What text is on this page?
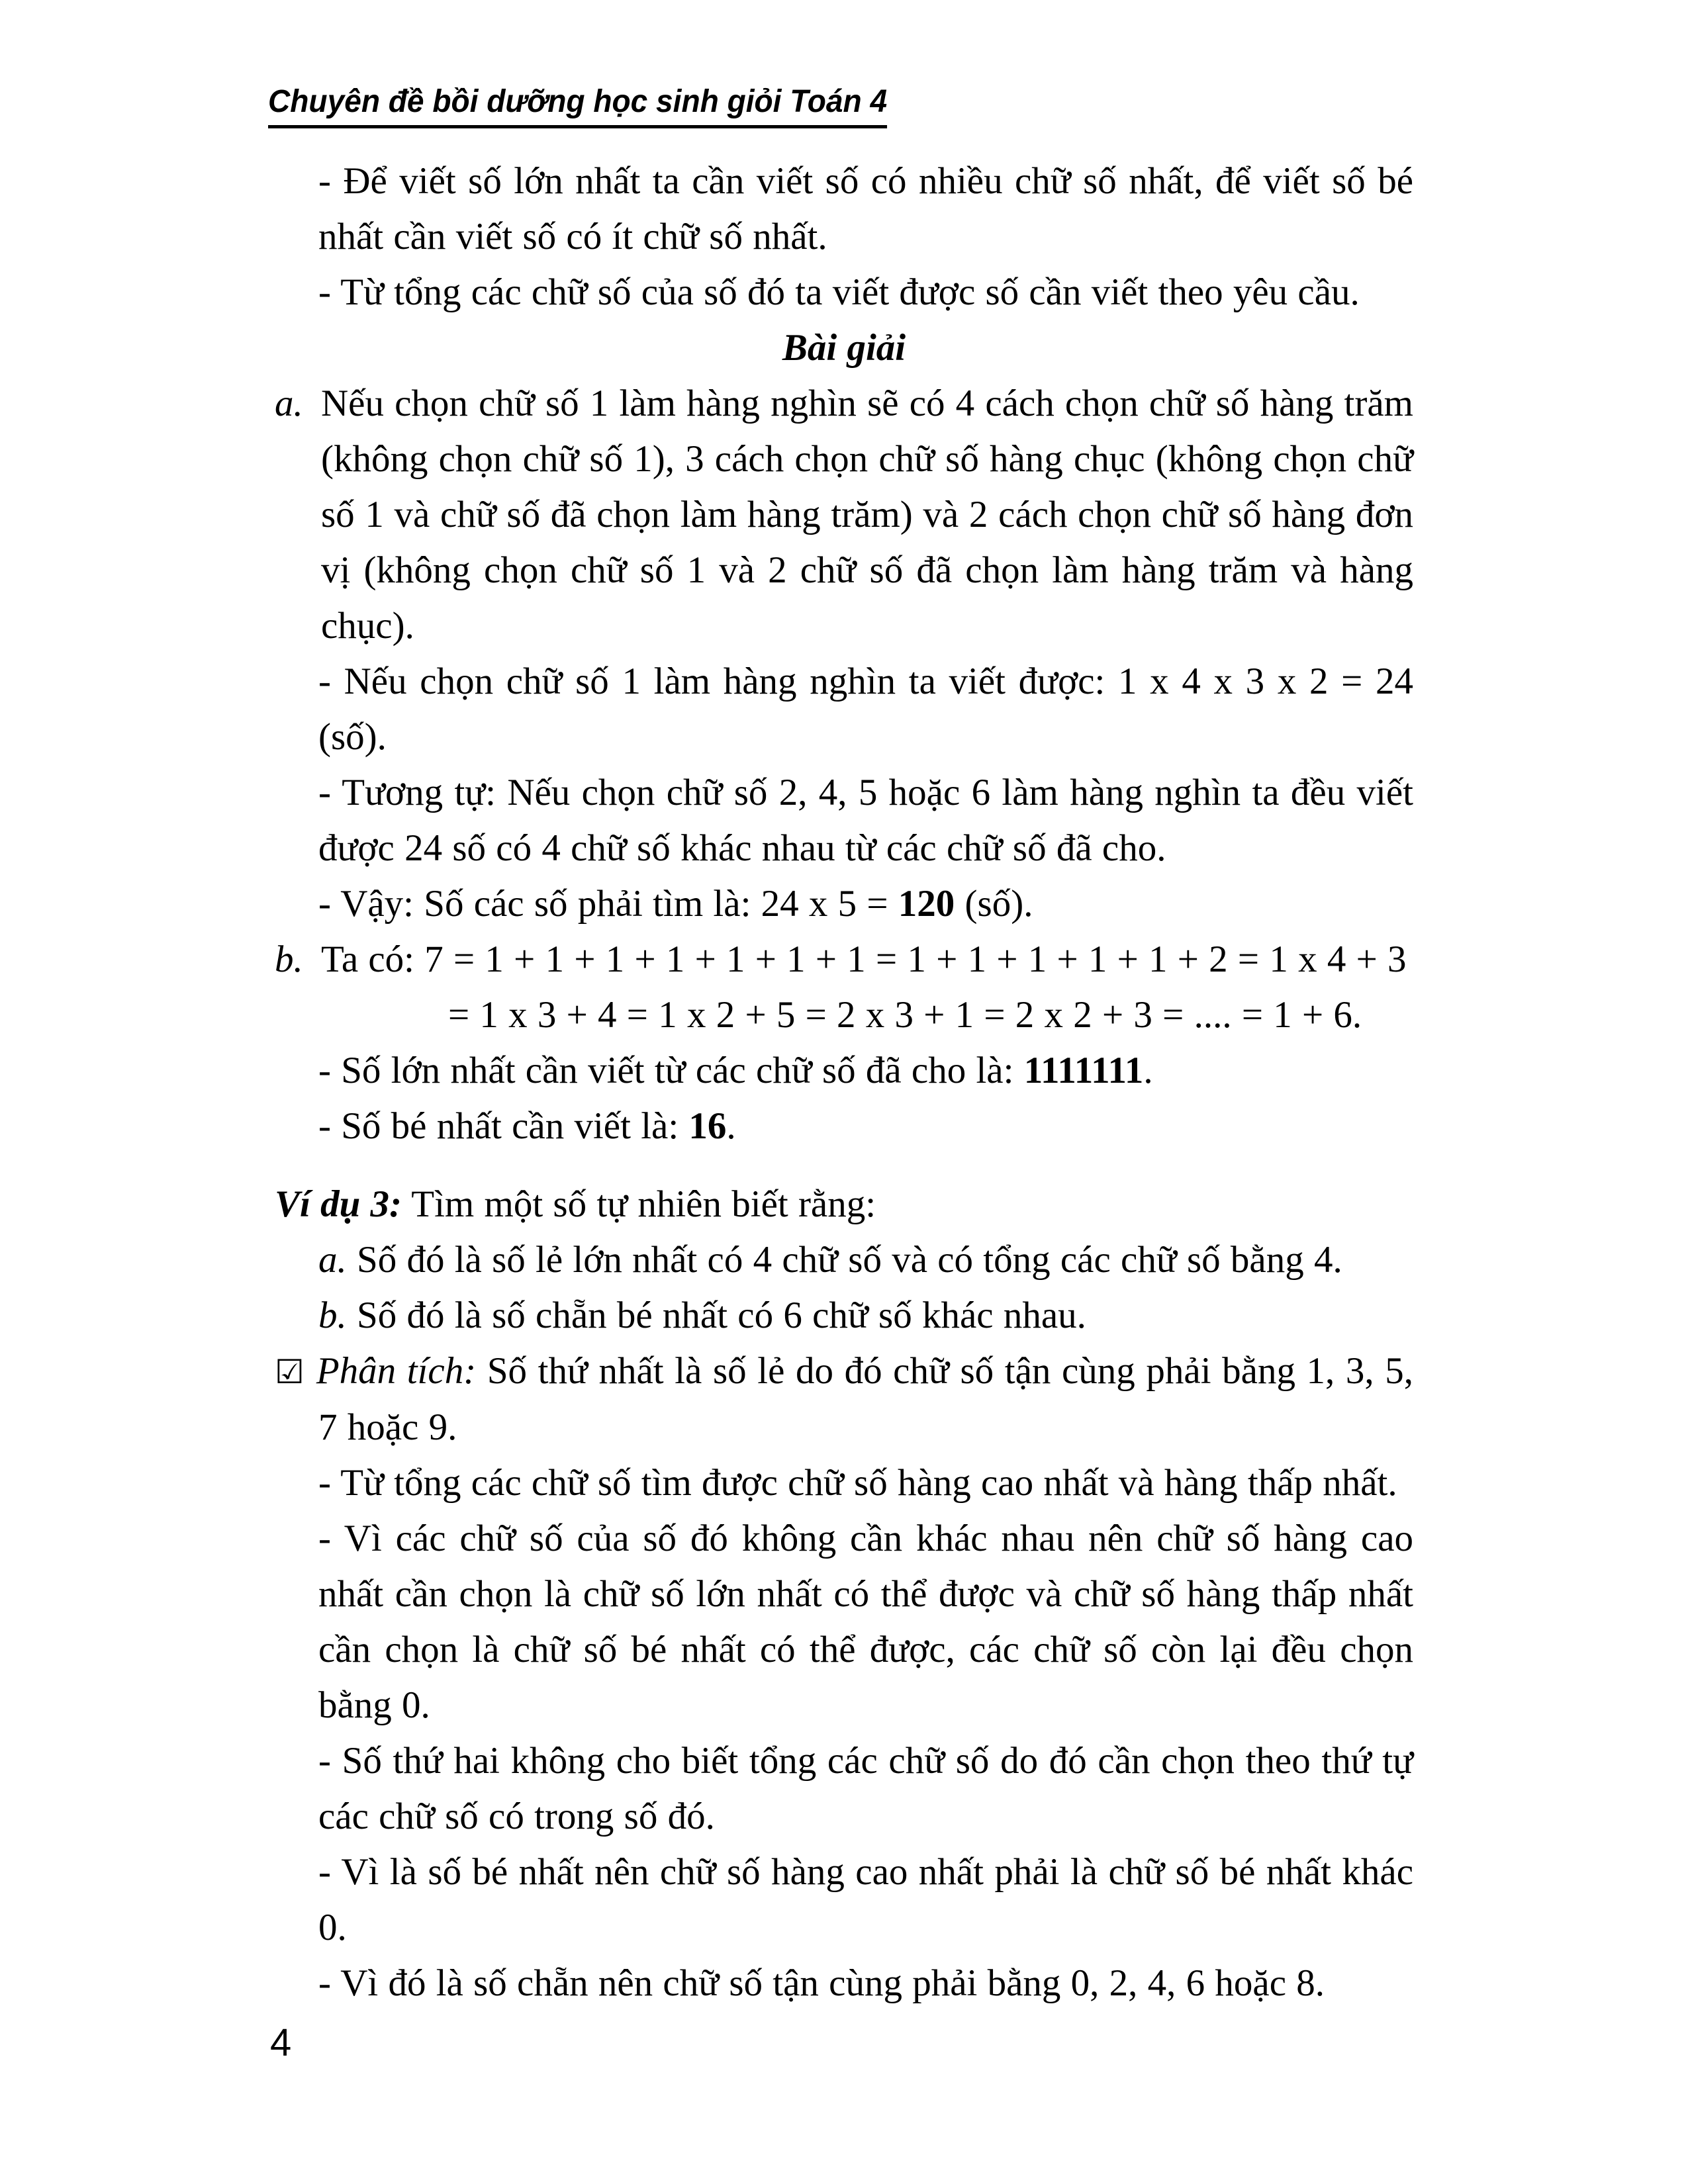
Chuyên đề bồi dưỡng học sinh giỏi Toán 4
- Để viết số lớn nhất ta cần viết số có nhiều chữ số nhất, để viết số bé nhất cần viết số có ít chữ số nhất.
- Từ tổng các chữ số của số đó ta viết được số cần viết theo yêu cầu.
Bài giải
a. Nếu chọn chữ số 1 làm hàng nghìn sẽ có 4 cách chọn chữ số hàng trăm (không chọn chữ số 1), 3 cách chọn chữ số hàng chục (không chọn chữ số 1 và chữ số đã chọn làm hàng trăm) và 2 cách chọn chữ số hàng đơn vị (không chọn chữ số 1 và 2 chữ số đã chọn làm hàng trăm và hàng chục).
- Nếu chọn chữ số 1 làm hàng nghìn ta viết được: 1 x 4 x 3 x 2 = 24 (số).
- Tương tự: Nếu chọn chữ số 2, 4, 5 hoặc 6 làm hàng nghìn ta đều viết được 24 số có 4 chữ số khác nhau từ các chữ số đã cho.
- Vậy: Số các số phải tìm là: 24 x 5 = 120 (số).
b. Ta có: 7 = 1 + 1 + 1 + 1 + 1 + 1 + 1 = 1 + 1 + 1 + 1 + 1 + 2 = 1 x 4 + 3
= 1 x 3 + 4 = 1 x 2 + 5 = 2 x 3 + 1 = 2 x 2 + 3 = .... = 1 + 6.
- Số lớn nhất cần viết từ các chữ số đã cho là: 1111111.
- Số bé nhất cần viết là: 16.
Ví dụ 3: Tìm một số tự nhiên biết rằng:
a. Số đó là số lẻ lớn nhất có 4 chữ số và có tổng các chữ số bằng 4.
b. Số đó là số chẵn bé nhất có 6 chữ số khác nhau.
☑ Phân tích: Số thứ nhất là số lẻ do đó chữ số tận cùng phải bằng 1, 3, 5, 7 hoặc 9.
- Từ tổng các chữ số tìm được chữ số hàng cao nhất và hàng thấp nhất.
- Vì các chữ số của số đó không cần khác nhau nên chữ số hàng cao nhất cần chọn là chữ số lớn nhất có thể được và chữ số hàng thấp nhất cần chọn là chữ số bé nhất có thể được, các chữ số còn lại đều chọn bằng 0.
- Số thứ hai không cho biết tổng các chữ số do đó cần chọn theo thứ tự các chữ số có trong số đó.
- Vì là số bé nhất nên chữ số hàng cao nhất phải là chữ số bé nhất khác 0.
- Vì đó là số chẵn nên chữ số tận cùng phải bằng 0, 2, 4, 6 hoặc 8.
4
